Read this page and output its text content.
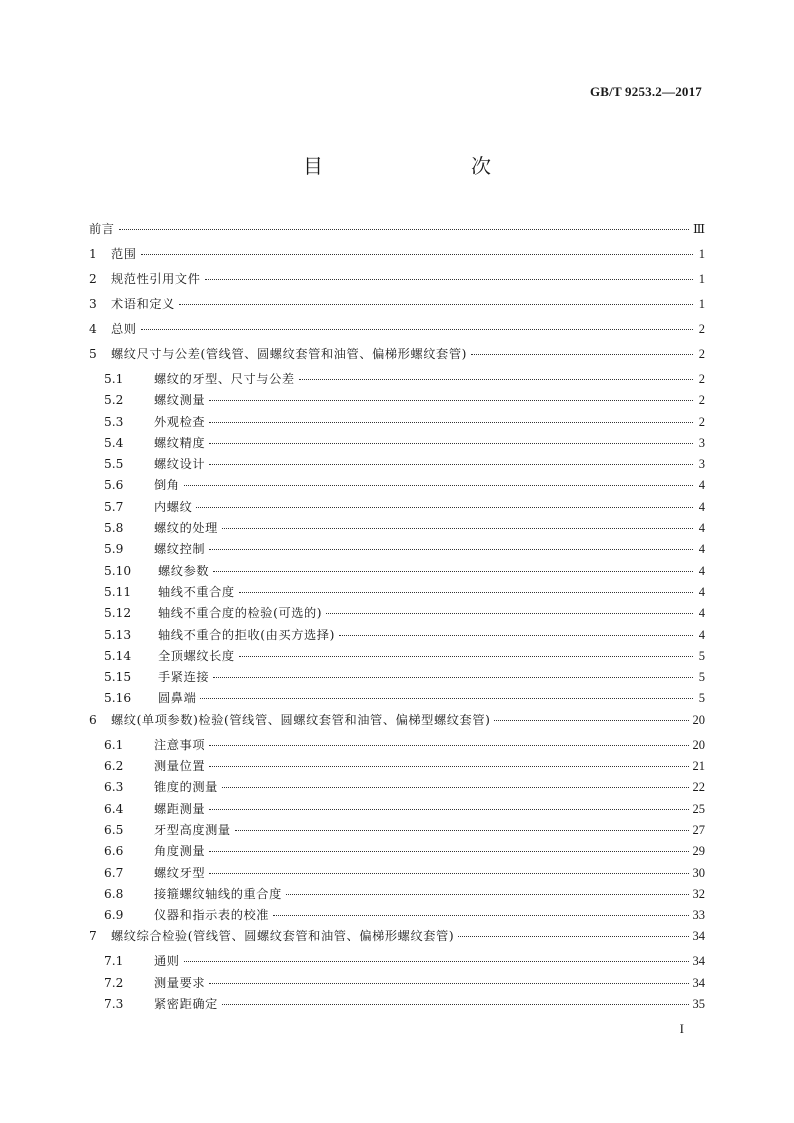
GB/T 9253.2—2017
目　　次
前言	Ⅲ
1	范围	1
2	规范性引用文件	1
3	术语和定义	1
4	总则	2
5	螺纹尺寸与公差(管线管、圆螺纹套管和油管、偏梯形螺纹套管)	2
5.1	螺纹的牙型、尺寸与公差	2
5.2	螺纹测量	2
5.3	外观检查	2
5.4	螺纹精度	3
5.5	螺纹设计	3
5.6	倒角	4
5.7	内螺纹	4
5.8	螺纹的处理	4
5.9	螺纹控制	4
5.10	螺纹参数	4
5.11	轴线不重合度	4
5.12	轴线不重合度的检验(可选的)	4
5.13	轴线不重合的拒收(由买方选择)	4
5.14	全顶螺纹长度	5
5.15	手紧连接	5
5.16	圆鼻端	5
6	螺纹(单项参数)检验(管线管、圆螺纹套管和油管、偏梯型螺纹套管)	20
6.1	注意事项	20
6.2	测量位置	21
6.3	锥度的测量	22
6.4	螺距测量	25
6.5	牙型高度测量	27
6.6	角度测量	29
6.7	螺纹牙型	30
6.8	接箍螺纹轴线的重合度	32
6.9	仪器和指示表的校准	33
7	螺纹综合检验(管线管、圆螺纹套管和油管、偏梯形螺纹套管)	34
7.1	通则	34
7.2	测量要求	34
7.3	紧密距确定	35
I
